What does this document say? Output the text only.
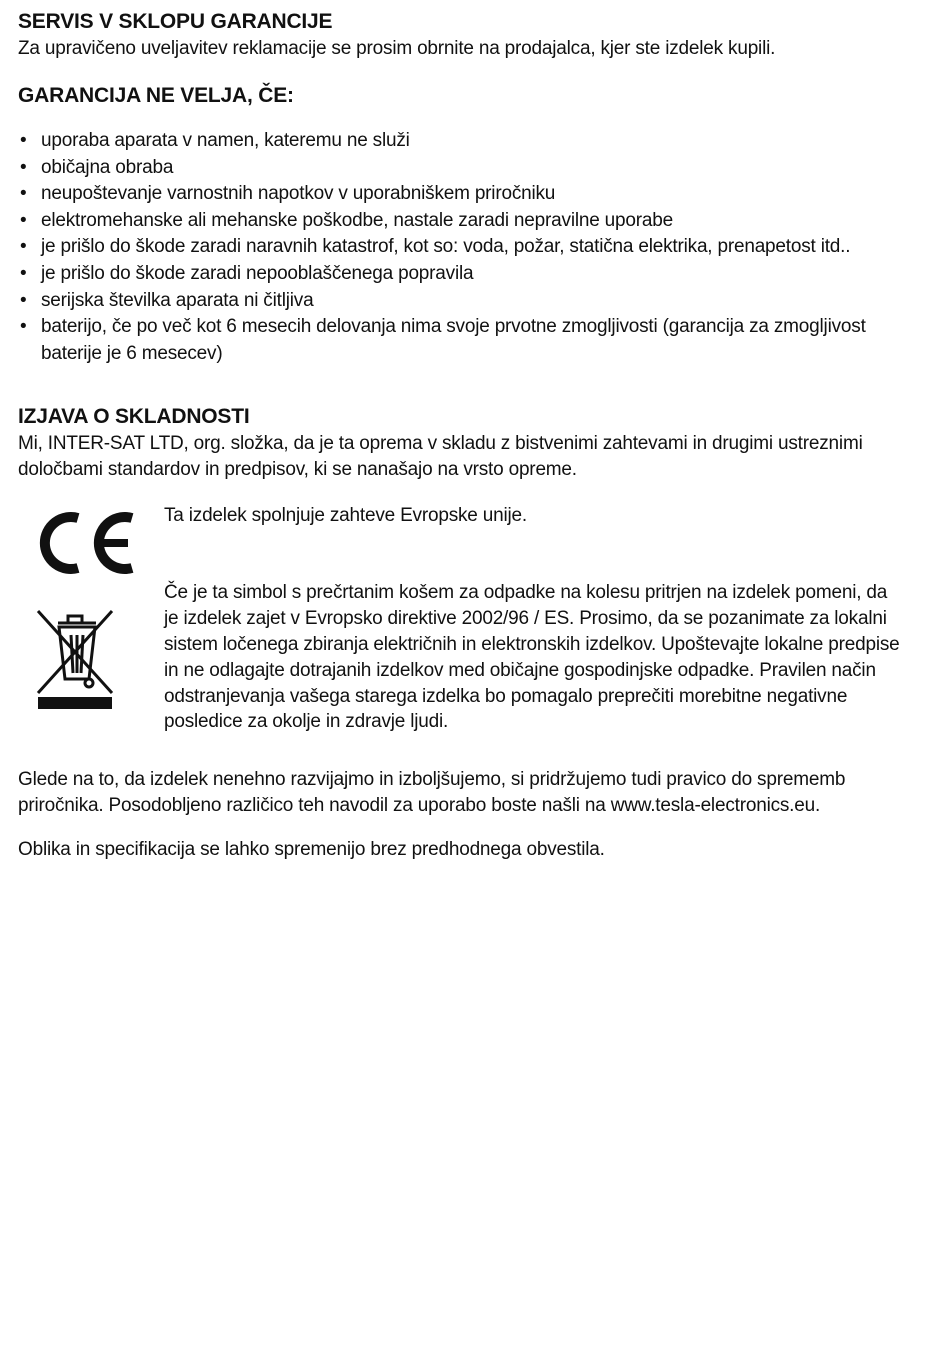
SERVIS V SKLOPU GARANCIJE

Za upravičeno uveljavitev reklamacije se prosim obrnite na prodajalca, kjer ste izdelek kupili.

GARANCIJA NE VELJA, ČE:
• uporaba aparata v namen, kateremu ne služi
• običajna obraba
• neupoštevanje varnostnih napotkov v uporabniškem priročniku
• elektromehanske ali mehanske poškodbe, nastale zaradi nepravilne uporabe
• je prišlo do škode zaradi naravnih katastrof, kot so: voda, požar, statična elektrika, prenapetost itd..
• je prišlo do škode zaradi nepooblaščenega popravila
• serijska številka aparata ni čitljiva
• baterijo, če po več kot 6 mesecih delovanja nima svoje prvotne zmogljivosti (garancija za zmogljivost baterije je 6 mesecev)
IZJAVA O SKLADNOSTI

Mi, INTER-SAT LTD, org. složka, da je ta oprema v skladu z bistvenimi zahtevami in drugimi ustreznimi določbami standardov in predpisov, ki se nanašajo na vrsto opreme.

Ta izdelek spolnjuje zahteve Evropske unije.

Če je ta simbol s prečrtanim košem za odpadke na kolesu pritrjen na izdelek pomeni, da je izdelek zajet v Evropsko direktive 2002/96 / ES. Prosimo, da se pozanimate za lokalni sistem ločenega zbiranja električnih in elektronskih izdelkov. Upoštevajte lokalne predpise in ne odlagajte dotrajanih izdelkov med običajne gospodinjske odpadke. Pravilen način odstranjevanja vašega starega izdelka bo pomagalo preprečiti morebitne negativne posledice za okolje in zdravje ljudi.

Glede na to, da izdelek nenehno razvijajmo in izboljšujemo, si pridržujemo tudi pravico do sprememb priročnika. Posodobljeno različico teh navodil za uporabo boste našli na www.tesla-electronics.eu.

Oblika in specifikacija se lahko spremenijo brez predhodnega obvestila.
